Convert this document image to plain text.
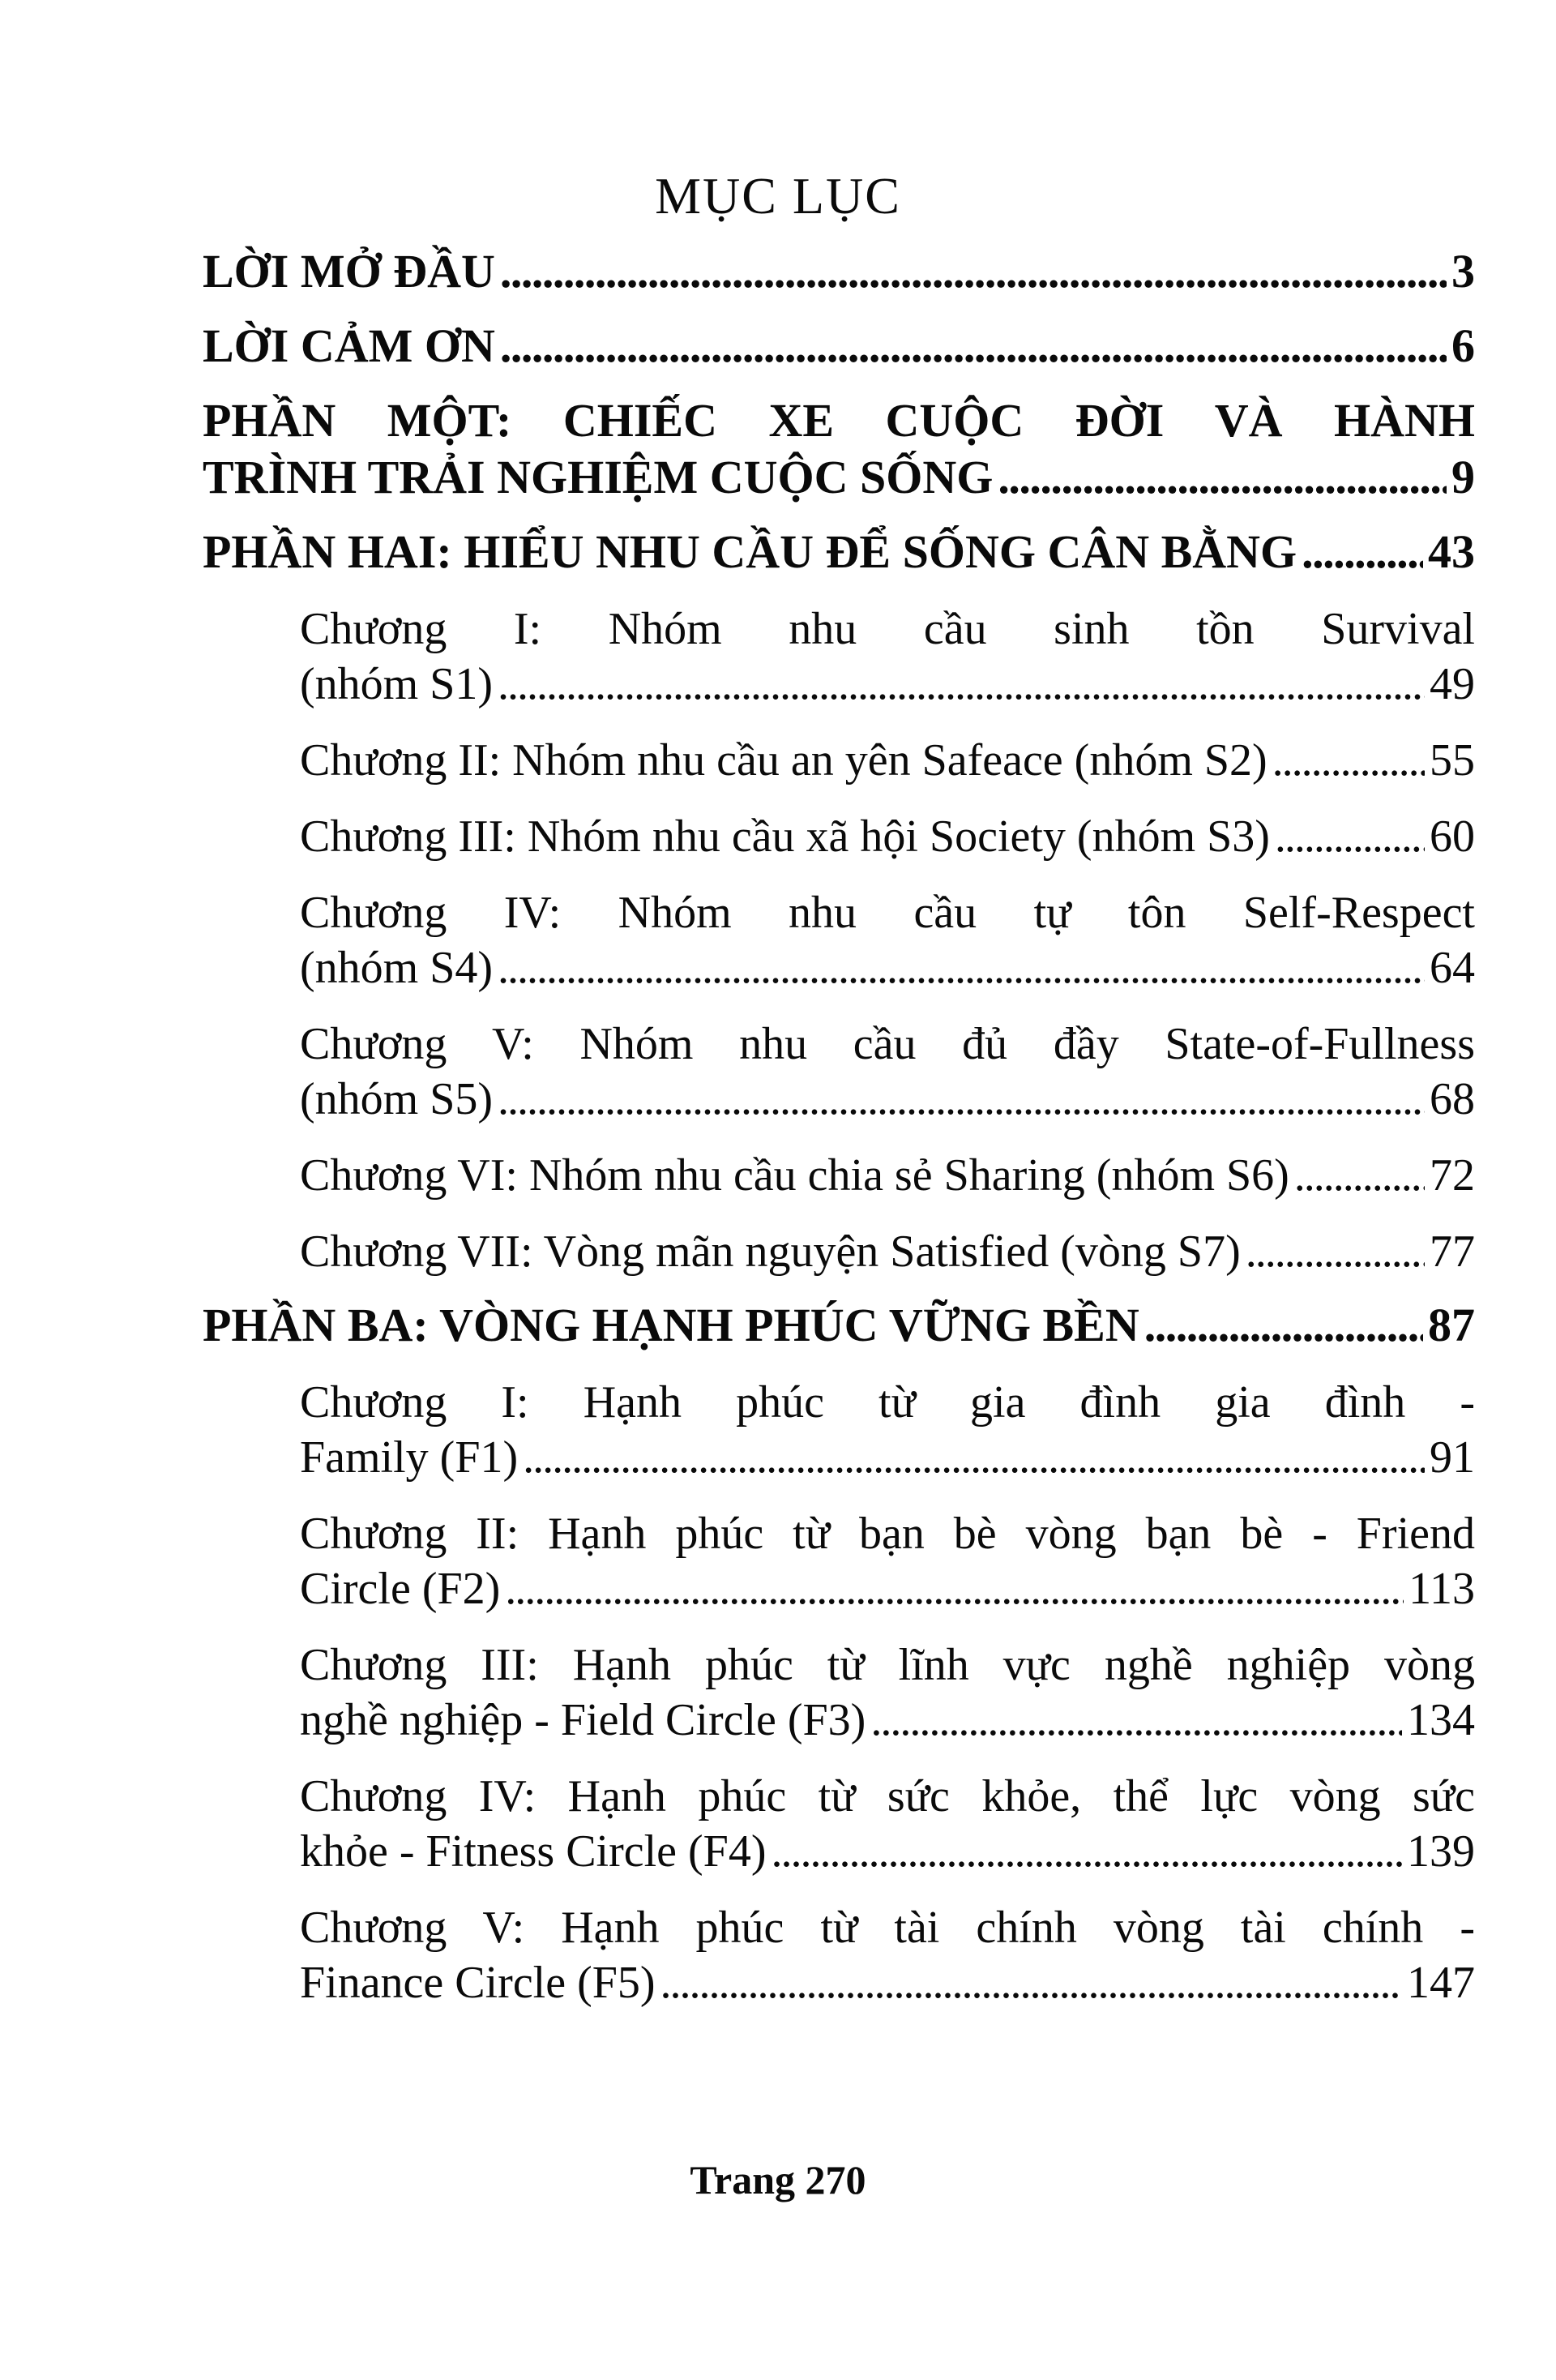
MỤC LỤC
LỜI MỞ ĐẦU . . .	3
LỜI CẢM ƠN . . .	6
PHẦN MỘT: CHIẾC XE CUỘC ĐỜI VÀ HÀNH
TRÌNH TRẢI NGHIỆM CUỘC SỐNG . . .	9
PHẦN HAI: HIỂU NHU CẦU ĐỂ SỐNG CÂN BẰNG . . .	43
Chương I: Nhóm nhu cầu sinh tồn Survival
(nhóm S1) . . .	49
Chương II: Nhóm nhu cầu an yên Safeace (nhóm S2) . . .	55
Chương III: Nhóm nhu cầu xã hội Society (nhóm S3) . . .	60
Chương IV: Nhóm nhu cầu tự tôn Self-Respect
(nhóm S4) . . .	64
Chương V: Nhóm nhu cầu đủ đầy State-of-Fullness
(nhóm S5) . . .	68
Chương VI: Nhóm nhu cầu chia sẻ Sharing (nhóm S6) . . .	72
Chương VII: Vòng mãn nguyện Satisfied (vòng S7) . . .	77
PHẦN BA: VÒNG HẠNH PHÚC VỮNG BỀN . . .	87
Chương I: Hạnh phúc từ gia đình gia đình -
Family (F1) . . .	91
Chương II: Hạnh phúc từ bạn bè vòng bạn bè - Friend
Circle (F2) . . .	113
Chương III: Hạnh phúc từ lĩnh vực nghề nghiệp vòng
nghề nghiệp - Field Circle (F3) . . .	134
Chương IV: Hạnh phúc từ sức khỏe, thể lực vòng sức
khỏe - Fitness Circle (F4) . . .	139
Chương V: Hạnh phúc từ tài chính vòng tài chính -
Finance Circle (F5) . . .	147
Trang 270
